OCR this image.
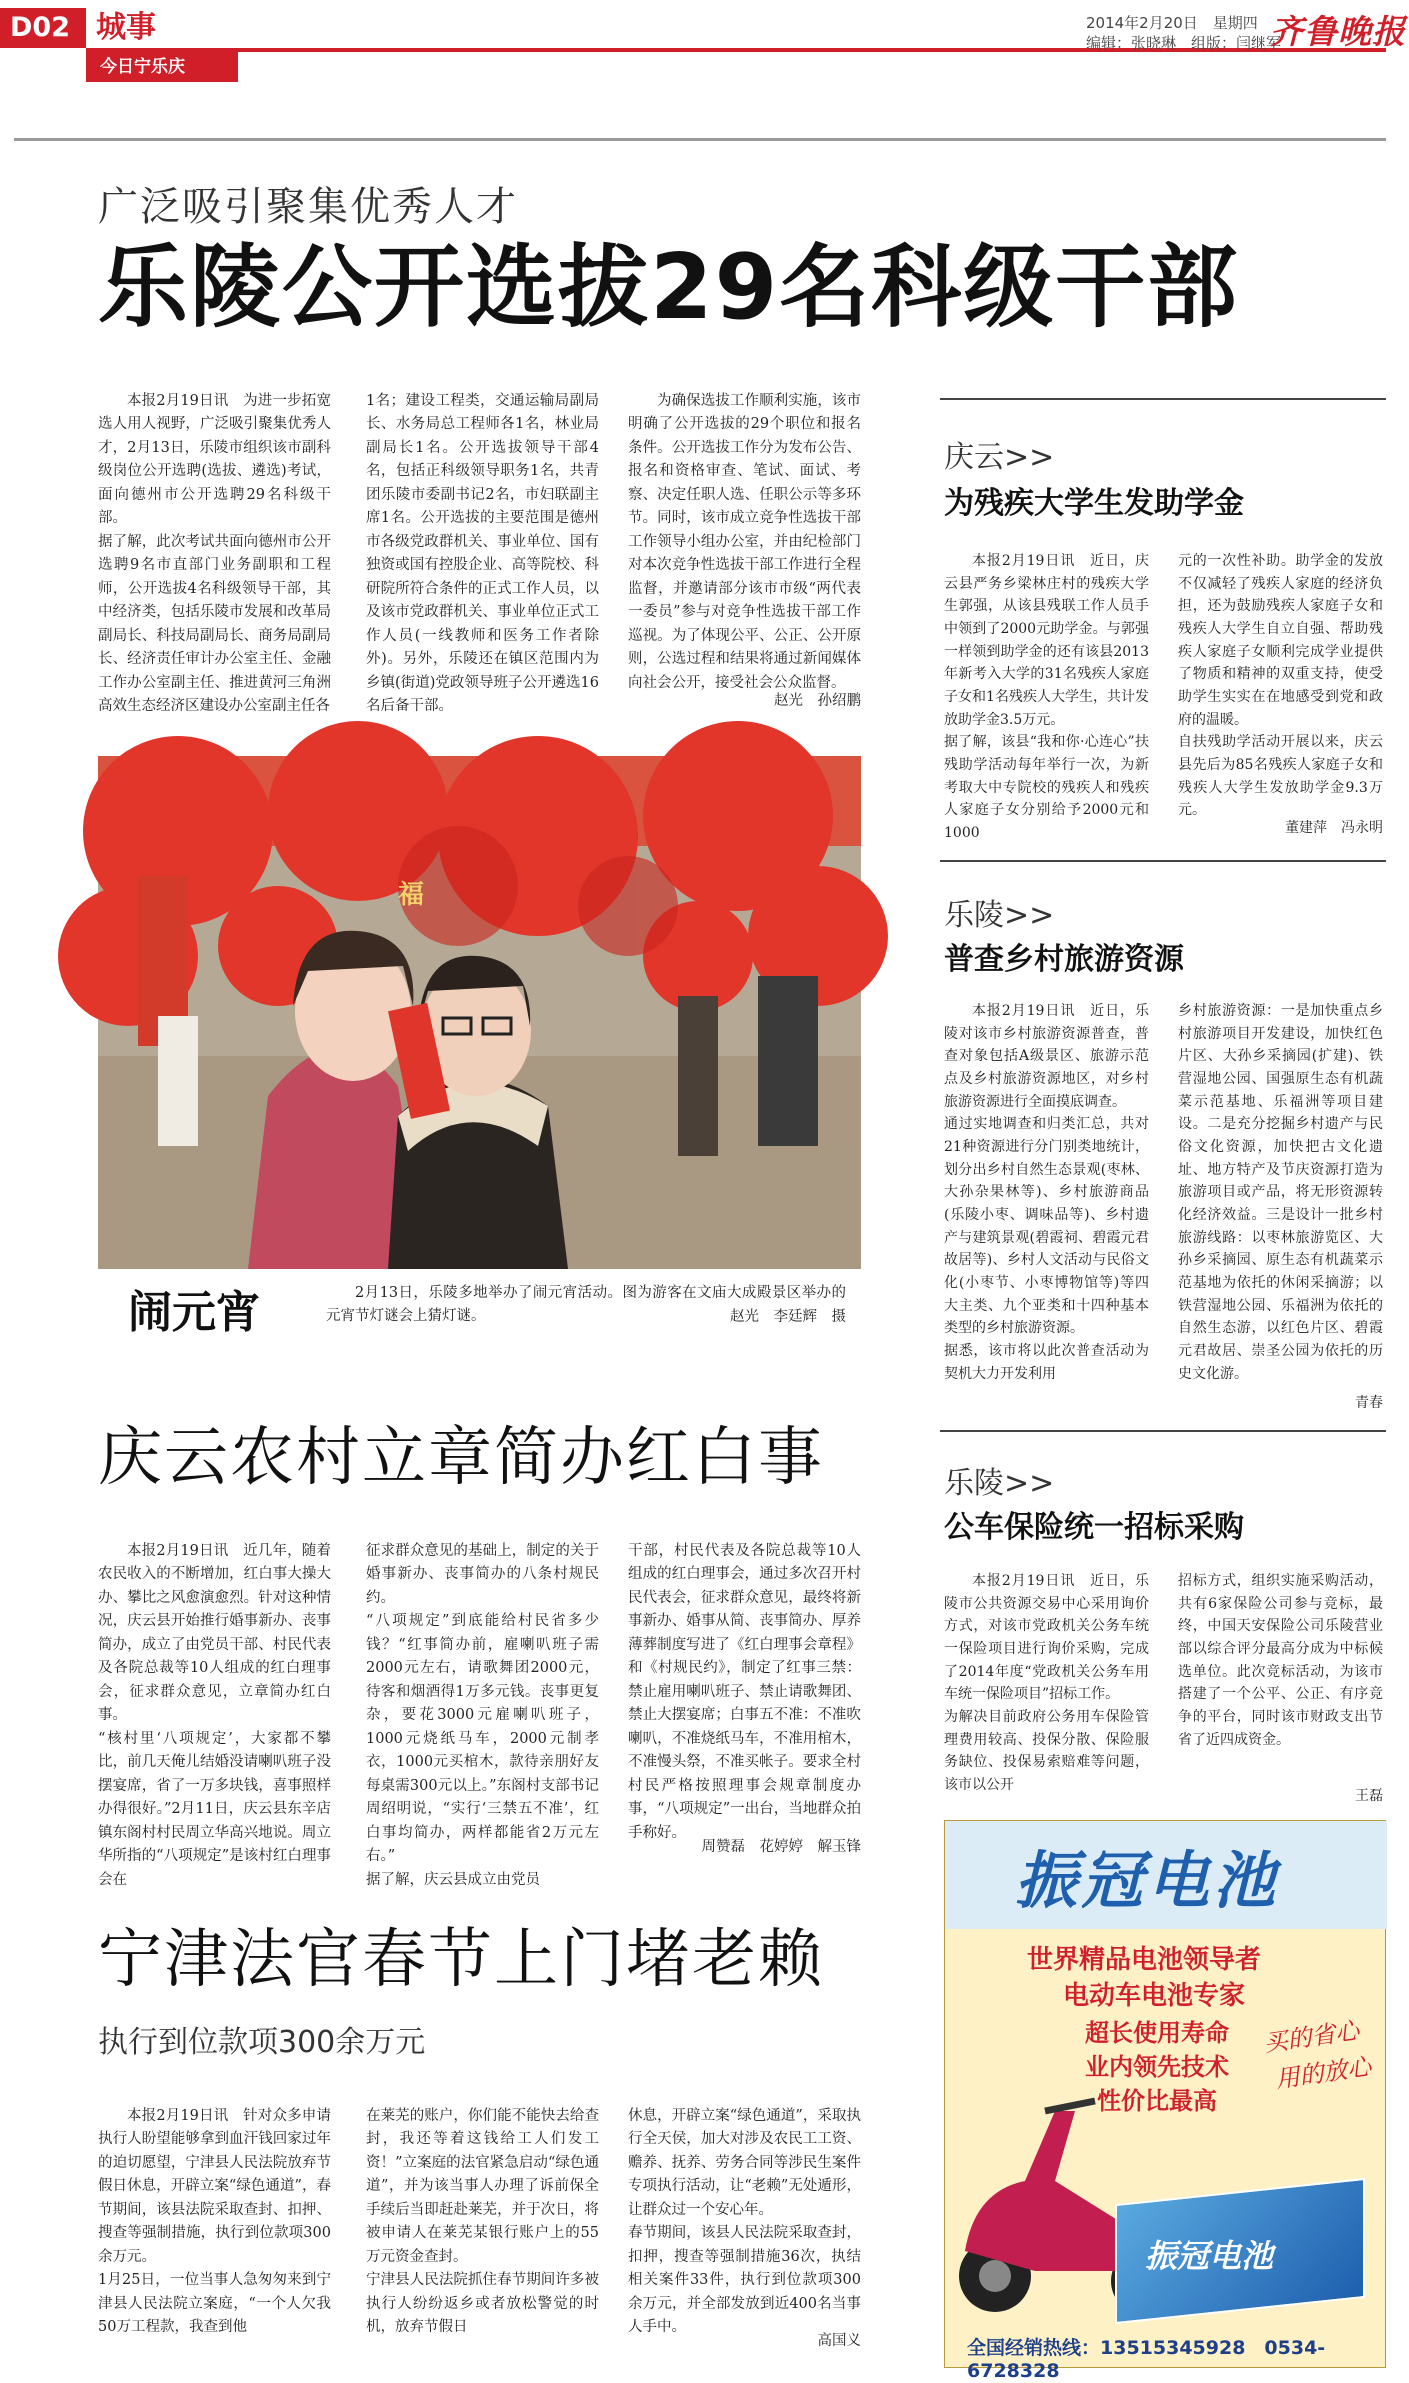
D02 城事
今日宁乐庆
2014年2月20日　星期四
编辑：张晓琳　组版：闫继军
齐鲁晚报
广泛吸引聚集优秀人才
乐陵公开选拔29名科级干部
本报2月19日讯　为进一步拓宽选人用人视野，广泛吸引聚集优秀人才，2月13日，乐陵市组织该市副科级岗位公开选聘(选拔、遴选)考试，面向德州市公开选聘29名科级干部。
据了解，此次考试共面向德州市公开选聘9名市直部门业务副职和工程师，公开选拔4名科级领导干部，其中经济类，包括乐陵市发展和改革局副局长、科技局副局长、商务局副局长、经济责任审计办公室主任、金融工作办公室副主任、推进黄河三角洲高效生态经济区建设办公室副主任各
1名；建设工程类，交通运输局副局长、水务局总工程师各1名，林业局副局长1名。公开选拔领导干部4名，包括正科级领导职务1名，共青团乐陵市委副书记2名，市妇联副主席1名。公开选拔的主要范围是德州市各级党政群机关、事业单位、国有独资或国有控股企业、高等院校、科研院所符合条件的正式工作人员，以及该市党政群机关、事业单位正式工作人员(一线教师和医务工作者除外)。另外，乐陵还在镇区范围内为乡镇(街道)党政领导班子公开遴选16名后备干部。
为确保选拔工作顺利实施，该市明确了公开选拔的29个职位和报名条件。公开选拔工作分为发布公告、报名和资格审查、笔试、面试、考察、决定任职人选、任职公示等多环节。同时，该市成立竞争性选拔干部工作领导小组办公室，并由纪检部门对本次竞争性选拔干部工作进行全程监督，并邀请部分该市市级“两代表一委员”参与对竞争性选拔干部工作巡视。为了体现公平、公正、公开原则，公选过程和结果将通过新闻媒体向社会公开，接受社会公众监督。
赵光　孙绍鹏
福
闹元宵	2月13日，乐陵多地举办了闹元宵活动。图为游客在文庙大成殿景区举办的元宵节灯谜会上猜灯谜。	赵光　李廷辉　摄
庆云农村立章简办红白事
本报2月19日讯　近几年，随着农民收入的不断增加，红白事大操大办、攀比之风愈演愈烈。针对这种情况，庆云县开始推行婚事新办、丧事简办，成立了由党员干部、村民代表及各院总裁等10人组成的红白理事会，征求群众意见，立章简办红白事。
“核村里‘八项规定’，大家都不攀比，前几天俺儿结婚没请喇叭班子没摆宴席，省了一万多块钱，喜事照样办得很好。”2月11日，庆云县东辛店镇东阁村村民周立华高兴地说。周立华所指的“八项规定”是该村红白理事会在
征求群众意见的基础上，制定的关于婚事新办、丧事简办的八条村规民约。
“八项规定”到底能给村民省多少钱？“红事简办前，雇喇叭班子需2000元左右，请歌舞团2000元，待客和烟酒得1万多元钱。丧事更复杂，要花3000元雇喇叭班子，1000元烧纸马车，2000元制孝衣，1000元买棺木，款待亲朋好友每桌需300元以上。”东阁村支部书记周绍明说，“实行‘三禁五不准’，红白事均简办，两样都能省2万元左右。”
据了解，庆云县成立由党员
干部，村民代表及各院总裁等10人组成的红白理事会，通过多次召开村民代表会，征求群众意见，最终将新事新办、婚事从简、丧事简办、厚养薄葬制度写进了《红白理事会章程》和《村规民约》，制定了红事三禁：禁止雇用喇叭班子、禁止请歌舞团、禁止大摆宴席；白事五不准：不准吹喇叭，不准烧纸马车，不准用棺木，不准慢头祭，不准买帐子。要求全村村民严格按照理事会规章制度办事，“八项规定”一出台，当地群众拍手称好。
周赞磊　花婷婷　解玉锋
宁津法官春节上门堵老赖
执行到位款项300余万元
本报2月19日讯　针对众多申请执行人盼望能够拿到血汗钱回家过年的迫切愿望，宁津县人民法院放弃节假日休息，开辟立案“绿色通道”，春节期间，该县法院采取查封、扣押、搜查等强制措施，执行到位款项300余万元。
1月25日，一位当事人急匆匆来到宁津县人民法院立案庭，“一个人欠我50万工程款，我查到他
在莱芜的账户，你们能不能快去给查封，我还等着这钱给工人们发工资！”立案庭的法官紧急启动“绿色通道”，并为该当事人办理了诉前保全手续后当即赶赴莱芜，并于次日，将被申请人在莱芜某银行账户上的55万元资金查封。
宁津县人民法院抓住春节期间许多被执行人纷纷返乡或者放松警觉的时机，放弃节假日
休息，开辟立案“绿色通道”，采取执行全天侯，加大对涉及农民工工资、赡养、抚养、劳务合同等涉民生案件专项执行活动，让“老赖”无处遁形，让群众过一个安心年。
春节期间，该县人民法院采取查封，扣押，搜查等强制措施36次，执结相关案件33件，执行到位款项300余万元，并全部发放到近400名当事人手中。
高国义
庆云>>
为残疾大学生发助学金
本报2月19日讯　近日，庆云县严务乡梁林庄村的残疾大学生郭强，从该县残联工作人员手中领到了2000元助学金。与郭强一样领到助学金的还有该县2013年新考入大学的31名残疾人家庭子女和1名残疾人大学生，共计发放助学金3.5万元。
据了解，该县“我和你·心连心”扶残助学活动每年举行一次，为新考取大中专院校的残疾人和残疾人家庭子女分别给予2000元和1000
元的一次性补助。助学金的发放不仅减轻了残疾人家庭的经济负担，还为鼓励残疾人家庭子女和残疾人大学生自立自强、帮助残疾人家庭子女顺利完成学业提供了物质和精神的双重支持，使受助学生实实在在地感受到党和政府的温暖。
自扶残助学活动开展以来，庆云县先后为85名残疾人家庭子女和残疾人大学生发放助学金9.3万元。
董建萍　冯永明
乐陵>>
普查乡村旅游资源
本报2月19日讯　近日，乐陵对该市乡村旅游资源普查，普查对象包括A级景区、旅游示范点及乡村旅游资源地区，对乡村旅游资源进行全面摸底调查。
通过实地调查和归类汇总，共对21种资源进行分门别类地统计，划分出乡村自然生态景观(枣林、大孙杂果林等)、乡村旅游商品(乐陵小枣、调味品等)、乡村遗产与建筑景观(碧霞祠、碧霞元君故居等)、乡村人文活动与民俗文化(小枣节、小枣博物馆等)等四大主类、九个亚类和十四种基本类型的乡村旅游资源。
据悉，该市将以此次普查活动为契机大力开发利用
乡村旅游资源：一是加快重点乡村旅游项目开发建设，加快红色片区、大孙乡采摘园(扩建)、铁营湿地公园、国强原生态有机蔬菜示范基地、乐福洲等项目建设。二是充分挖掘乡村遗产与民俗文化资源，加快把古文化遗址、地方特产及节庆资源打造为旅游项目或产品，将无形资源转化经济效益。三是设计一批乡村旅游线路：以枣林旅游览区、大孙乡采摘园、原生态有机蔬菜示范基地为依托的休闲采摘游；以铁营湿地公园、乐福洲为依托的自然生态游，以红色片区、碧霞元君故居、崇圣公园为依托的历史文化游。
青春
乐陵>>
公车保险统一招标采购
本报2月19日讯　近日，乐陵市公共资源交易中心采用询价方式，对该市党政机关公务车统一保险项目进行询价采购，完成了2014年度“党政机关公务车用车统一保险项目”招标工作。
为解决目前政府公务用车保险管理费用较高、投保分散、保险服务缺位、投保易索赔难等问题，该市以公开
招标方式，组织实施采购活动，共有6家保险公司参与竞标，最终，中国天安保险公司乐陵营业部以综合评分最高分成为中标候选单位。此次竞标活动，为该市搭建了一个公平、公正、有序竞争的平台，同时该市财政支出节省了近四成资金。
王磊
振冠电池
世界精品电池领导者
电动车电池专家
超长使用寿命
业内领先技术
性价比最高
买的省心
用的放心
振冠电池
全国经销热线：13515345928　0534-6728328
